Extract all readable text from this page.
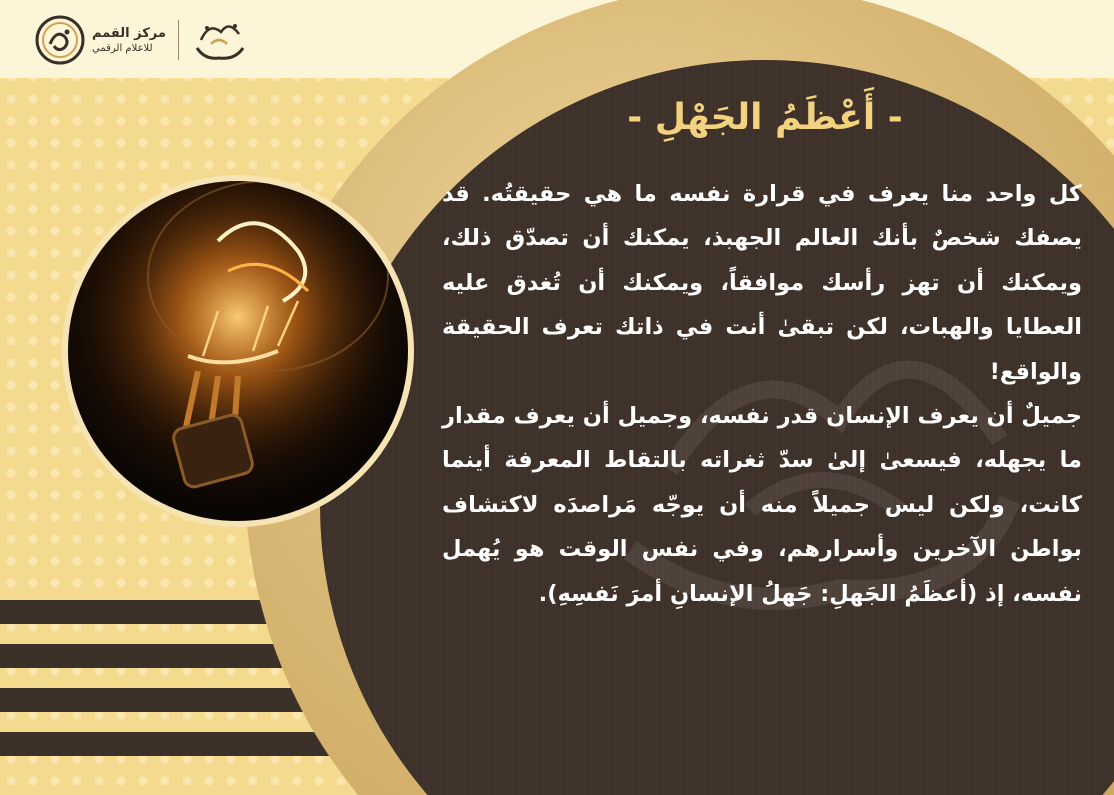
مركز القمم
للاعلام الرقمي
- أَعْظَمُ الجَهْلِ -

كل واحد منا يعرف في قرارة نفسه ما هي حقيقتُه. قد يصفك شخصٌ بأنك العالم الجهبذ، يمكنك أن تصدّق ذلك، ويمكنك أن تهز رأسك موافقاً، ويمكنك أن تُغدق عليه العطايا والهبات، لكن تبقىٰ أنت في ذاتك تعرف الحقيقة والواقع!

جميلٌ أن يعرف الإنسان قدر نفسه، وجميل أن يعرف مقدار ما يجهله، فيسعىٰ إلىٰ سدّ ثغراته بالتقاط المعرفة أينما كانت، ولكن ليس جميلاً منه أن يوجّه مَراصدَه لاكتشاف بواطن الآخرين وأسرارهم، وفي نفس الوقت هو يُهمل نفسه، إذ (أعظَمُ الجَهلِ: جَهلُ الإنسانِ أمرَ نَفسِهِ).
